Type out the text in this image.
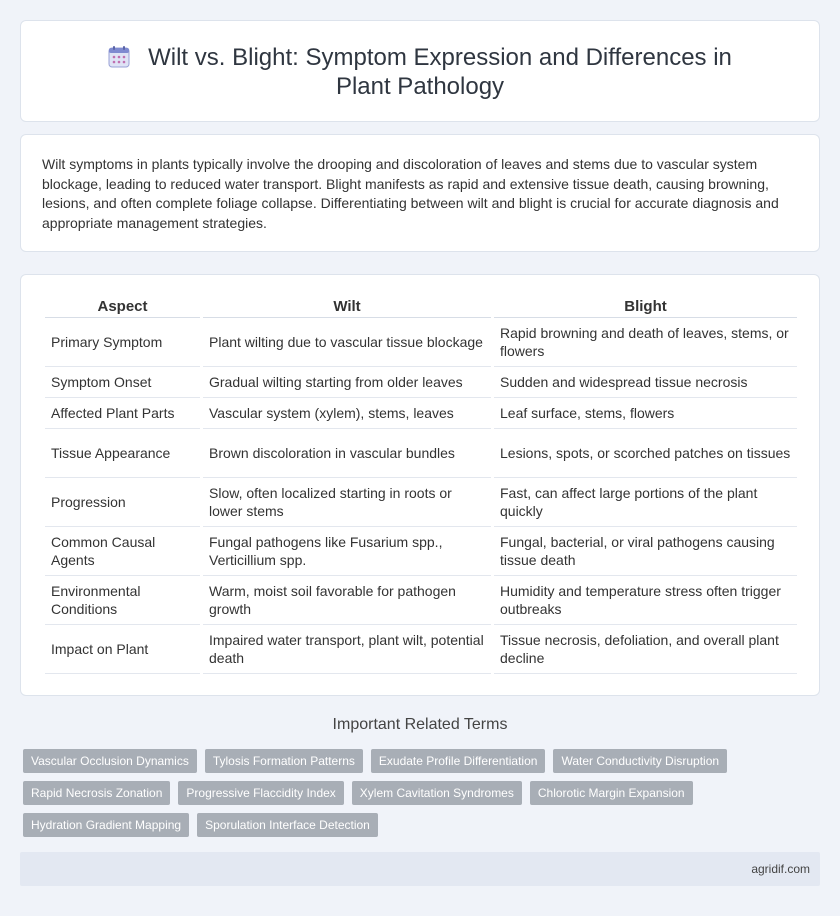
Wilt vs. Blight: Symptom Expression and Differences in Plant Pathology

Wilt symptoms in plants typically involve the drooping and discoloration of leaves and stems due to vascular system blockage, leading to reduced water transport. Blight manifests as rapid and extensive tissue death, causing browning, lesions, and often complete foliage collapse. Differentiating between wilt and blight is crucial for accurate diagnosis and appropriate management strategies.

Aspect	Wilt	Blight
Primary Symptom	Plant wilting due to vascular tissue blockage	Rapid browning and death of leaves, stems, or flowers
Symptom Onset	Gradual wilting starting from older leaves	Sudden and widespread tissue necrosis
Affected Plant Parts	Vascular system (xylem), stems, leaves	Leaf surface, stems, flowers
Tissue Appearance	Brown discoloration in vascular bundles	Lesions, spots, or scorched patches on tissues
Progression	Slow, often localized starting in roots or lower stems	Fast, can affect large portions of the plant quickly
Common Causal Agents	Fungal pathogens like Fusarium spp., Verticillium spp.	Fungal, bacterial, or viral pathogens causing tissue death
Environmental Conditions	Warm, moist soil favorable for pathogen growth	Humidity and temperature stress often trigger outbreaks
Impact on Plant	Impaired water transport, plant wilt, potential death	Tissue necrosis, defoliation, and overall plant decline
Important Related Terms
Vascular Occlusion Dynamics	Tylosis Formation Patterns	Exudate Profile Differentiation	Water Conductivity Disruption
Rapid Necrosis Zonation	Progressive Flaccidity Index	Xylem Cavitation Syndromes	Chlorotic Margin Expansion
Hydration Gradient Mapping	Sporulation Interface Detection
agridif.com
